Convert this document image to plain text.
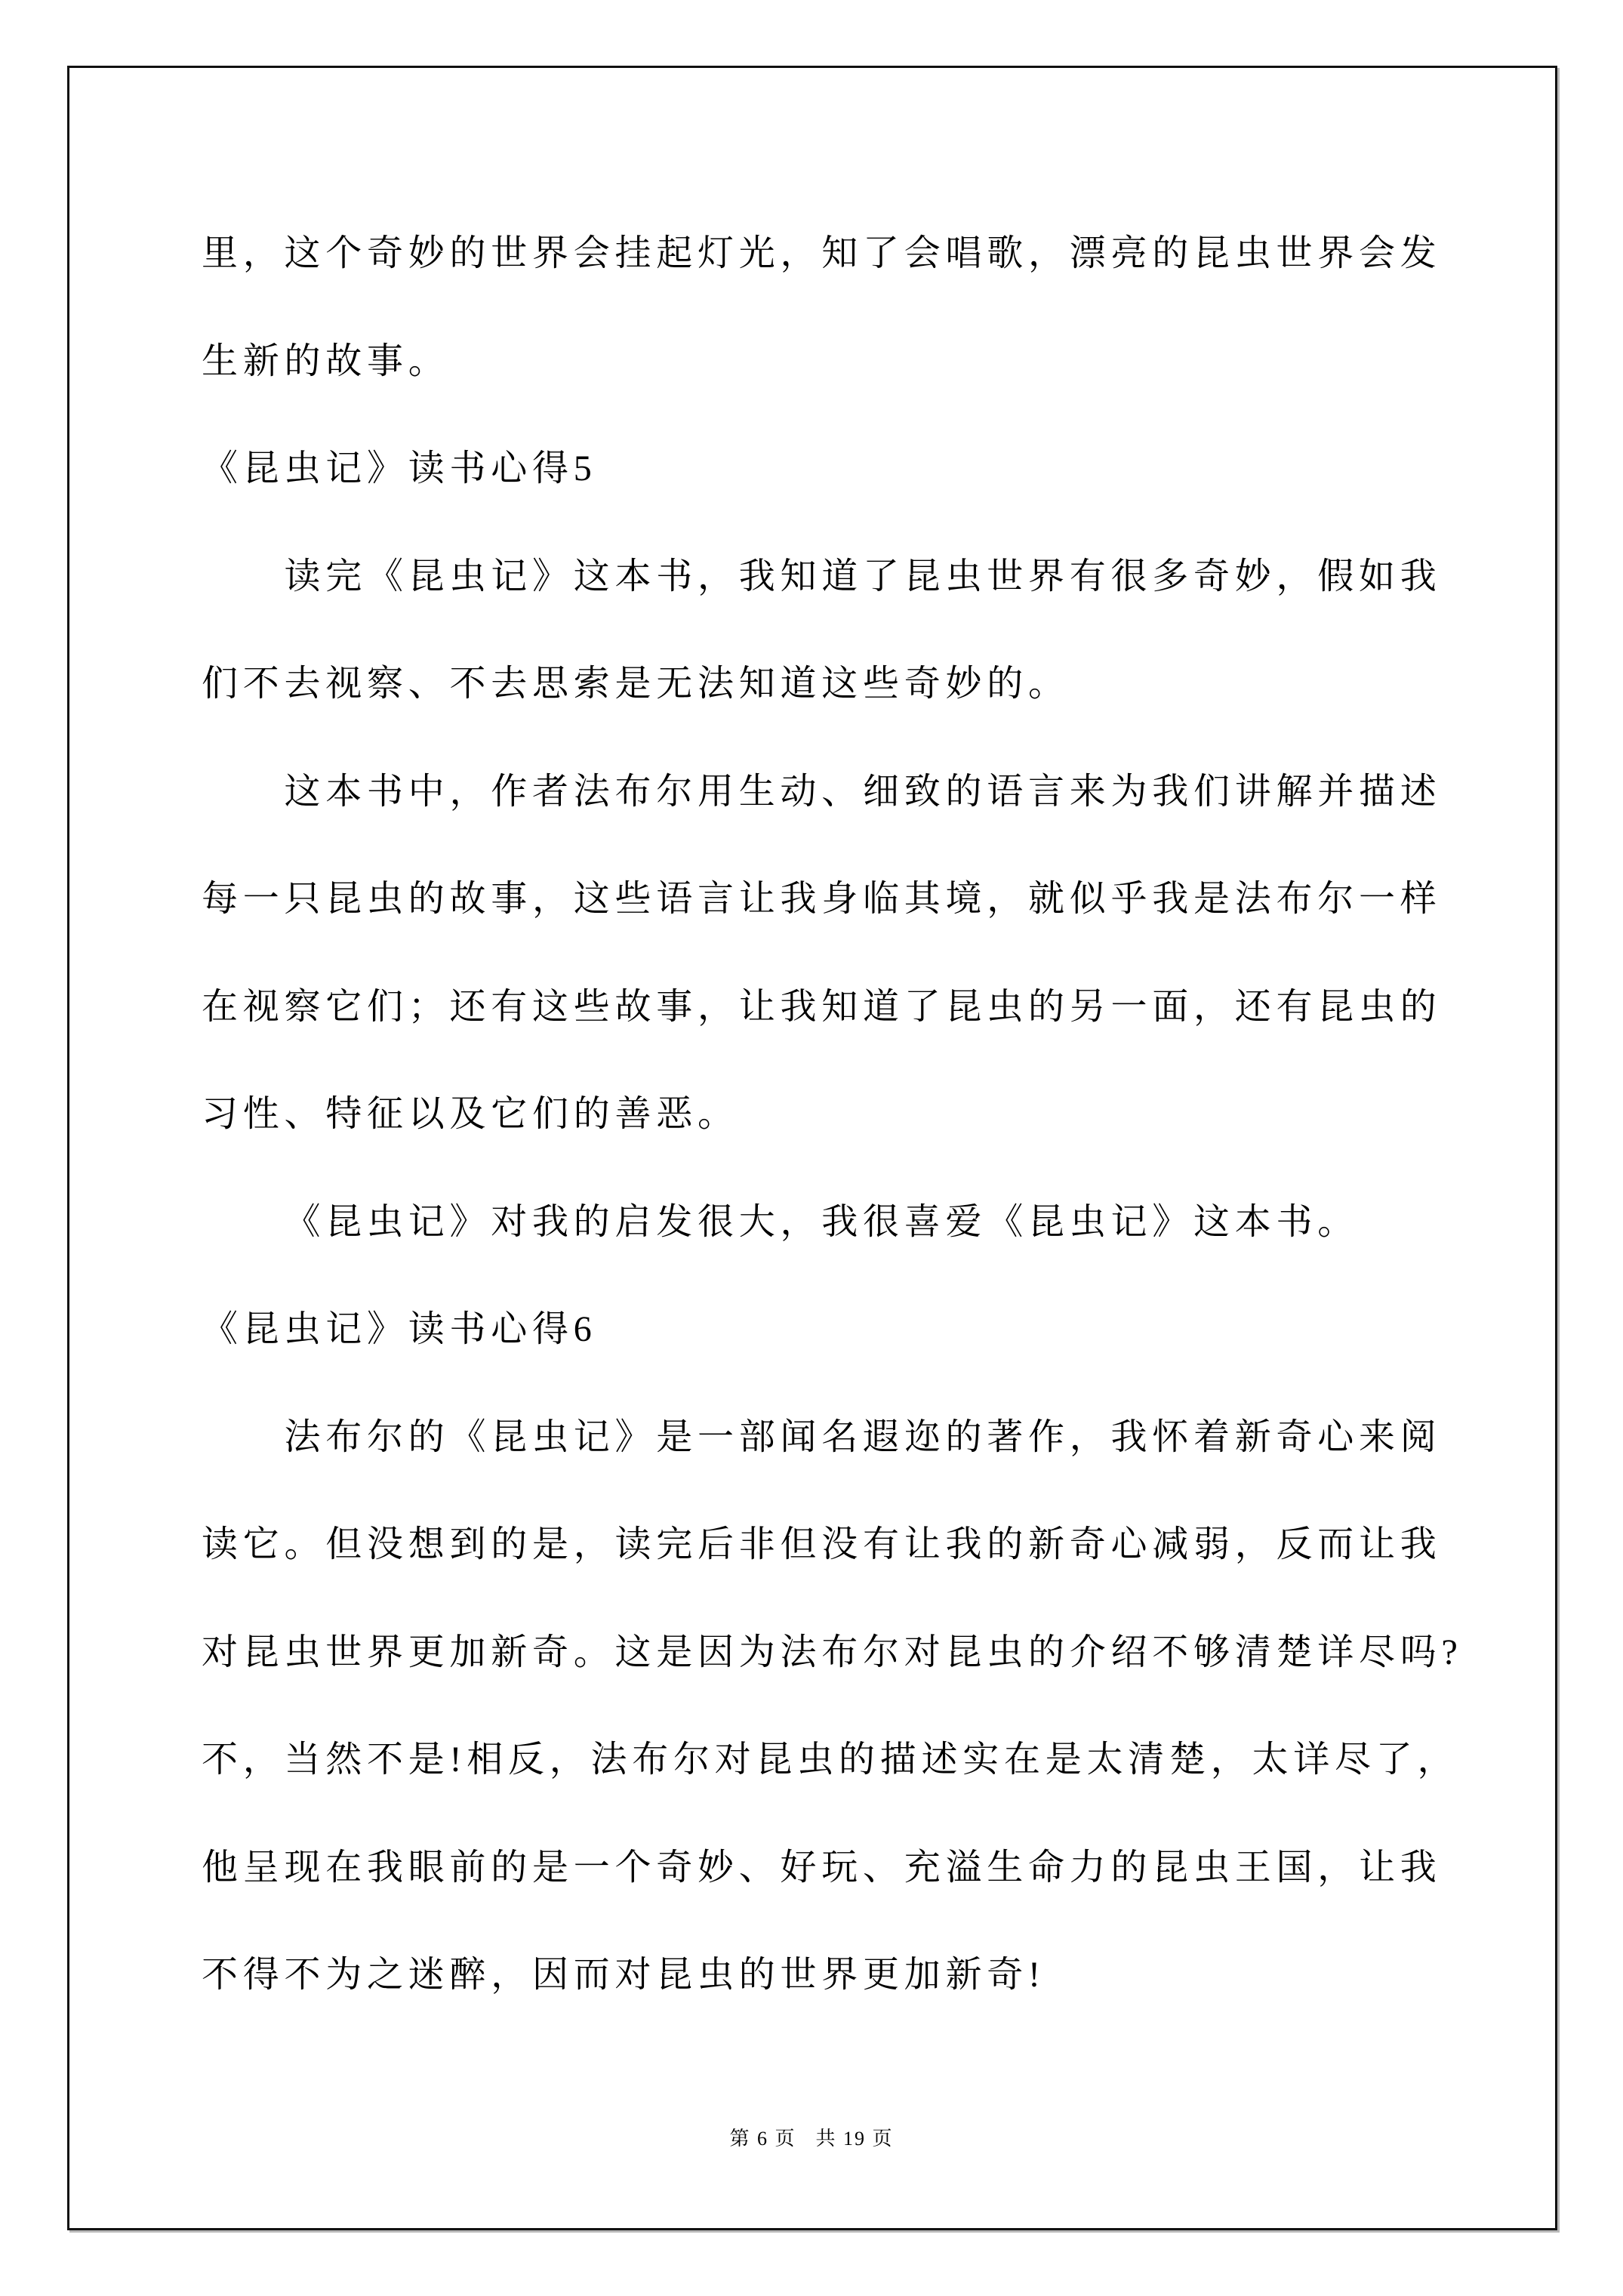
里，这个奇妙的世界会挂起灯光，知了会唱歌，漂亮的昆虫世界会发
生新的故事。
《昆虫记》读书心得5
读完《昆虫记》这本书，我知道了昆虫世界有很多奇妙，假如我
们不去视察、不去思索是无法知道这些奇妙的。
这本书中，作者法布尔用生动、细致的语言来为我们讲解并描述
每一只昆虫的故事，这些语言让我身临其境，就似乎我是法布尔一样
在视察它们；还有这些故事，让我知道了昆虫的另一面，还有昆虫的
习性、特征以及它们的善恶。
《昆虫记》对我的启发很大，我很喜爱《昆虫记》这本书。
《昆虫记》读书心得6
法布尔的《昆虫记》是一部闻名遐迩的著作，我怀着新奇心来阅
读它。但没想到的是，读完后非但没有让我的新奇心减弱，反而让我
对昆虫世界更加新奇。这是因为法布尔对昆虫的介绍不够清楚详尽吗?
不，当然不是!相反，法布尔对昆虫的描述实在是太清楚，太详尽了，
他呈现在我眼前的是一个奇妙、好玩、充溢生命力的昆虫王国，让我
不得不为之迷醉，因而对昆虫的世界更加新奇!
第 6 页 共 19 页
